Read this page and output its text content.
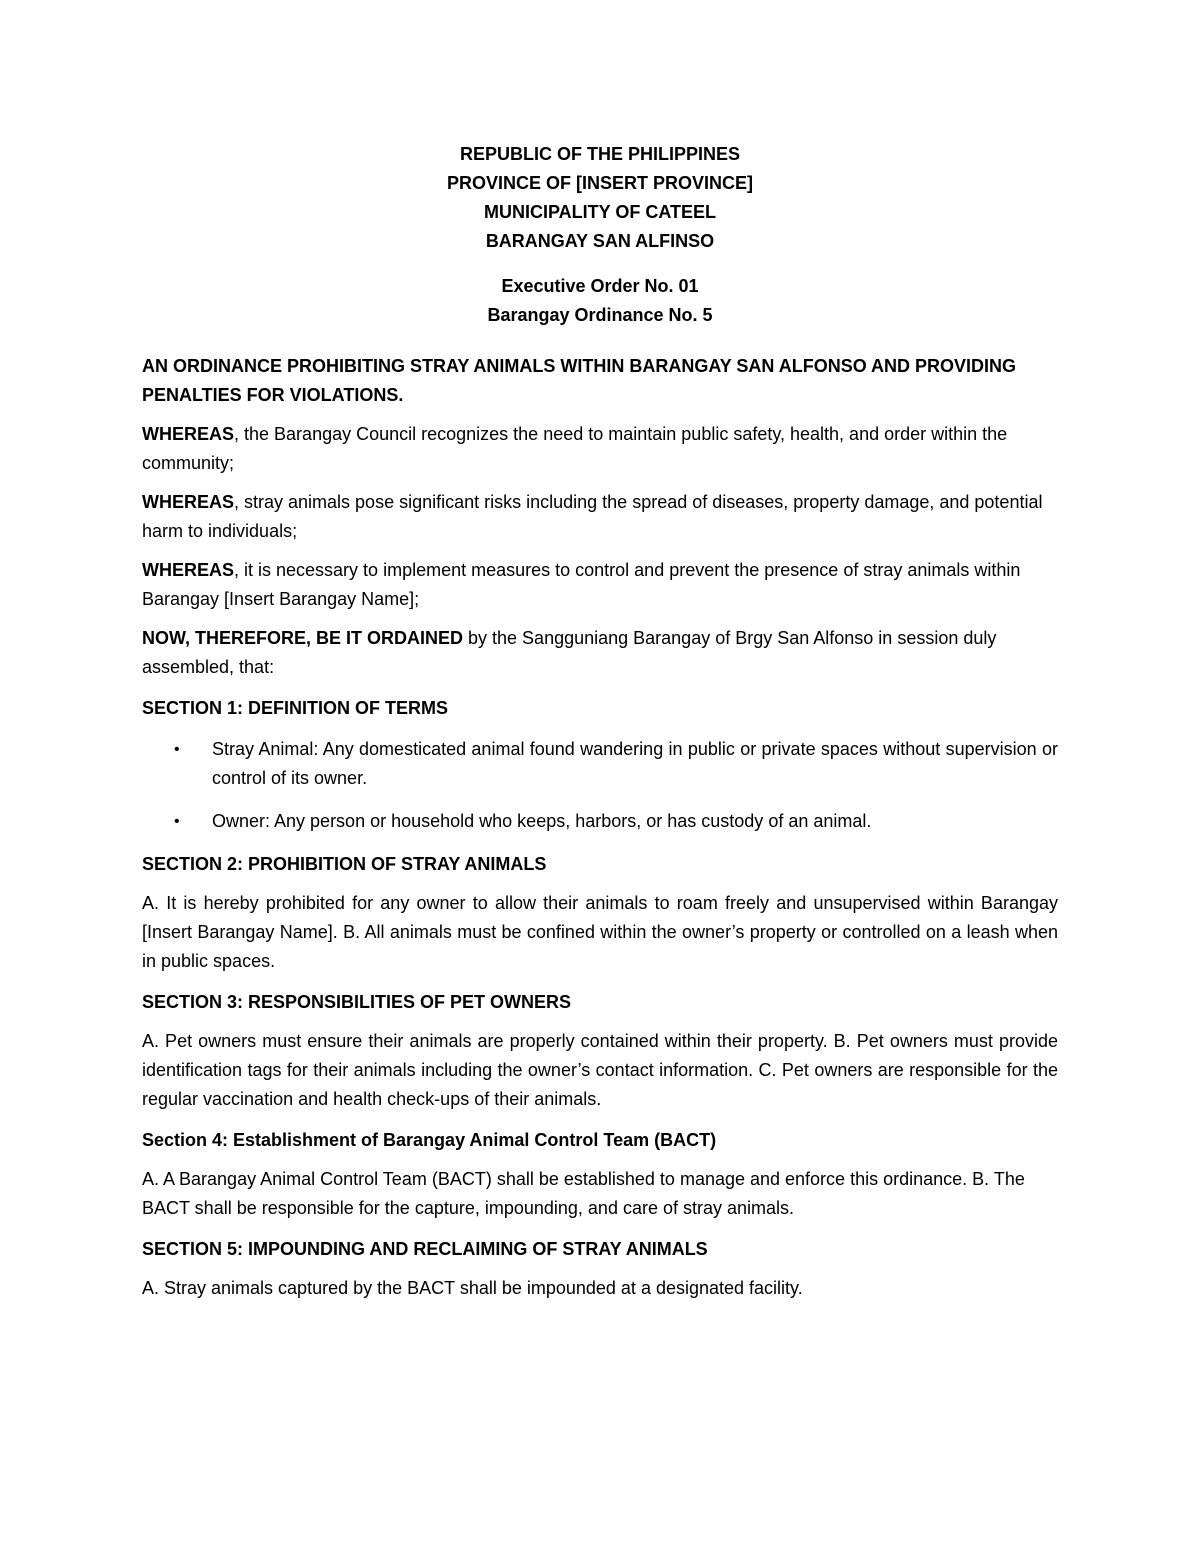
REPUBLIC OF THE PHILIPPINES
PROVINCE OF [INSERT PROVINCE]
MUNICIPALITY OF CATEEL
BARANGAY SAN ALFINSO
Executive Order No. 01
Barangay Ordinance No. 5

AN ORDINANCE PROHIBITING STRAY ANIMALS WITHIN BARANGAY SAN ALFONSO AND PROVIDING PENALTIES FOR VIOLATIONS.

WHEREAS, the Barangay Council recognizes the need to maintain public safety, health, and order within the community;

WHEREAS, stray animals pose significant risks including the spread of diseases, property damage, and potential harm to individuals;

WHEREAS, it is necessary to implement measures to control and prevent the presence of stray animals within Barangay [Insert Barangay Name];

NOW, THEREFORE, BE IT ORDAINED by the Sangguniang Barangay of Brgy San Alfonso in session duly assembled, that:

SECTION 1: DEFINITION OF TERMS

• Stray Animal: Any domesticated animal found wandering in public or private spaces without supervision or control of its owner.
• Owner: Any person or household who keeps, harbors, or has custody of an animal.

SECTION 2: PROHIBITION OF STRAY ANIMALS

A. It is hereby prohibited for any owner to allow their animals to roam freely and unsupervised within Barangay [Insert Barangay Name]. B. All animals must be confined within the owner’s property or controlled on a leash when in public spaces.

SECTION 3: RESPONSIBILITIES OF PET OWNERS

A. Pet owners must ensure their animals are properly contained within their property. B. Pet owners must provide identification tags for their animals including the owner’s contact information. C. Pet owners are responsible for the regular vaccination and health check-ups of their animals.

Section 4: Establishment of Barangay Animal Control Team (BACT)

A. A Barangay Animal Control Team (BACT) shall be established to manage and enforce this ordinance. B. The BACT shall be responsible for the capture, impounding, and care of stray animals.

SECTION 5: IMPOUNDING AND RECLAIMING OF STRAY ANIMALS

A. Stray animals captured by the BACT shall be impounded at a designated facility.
